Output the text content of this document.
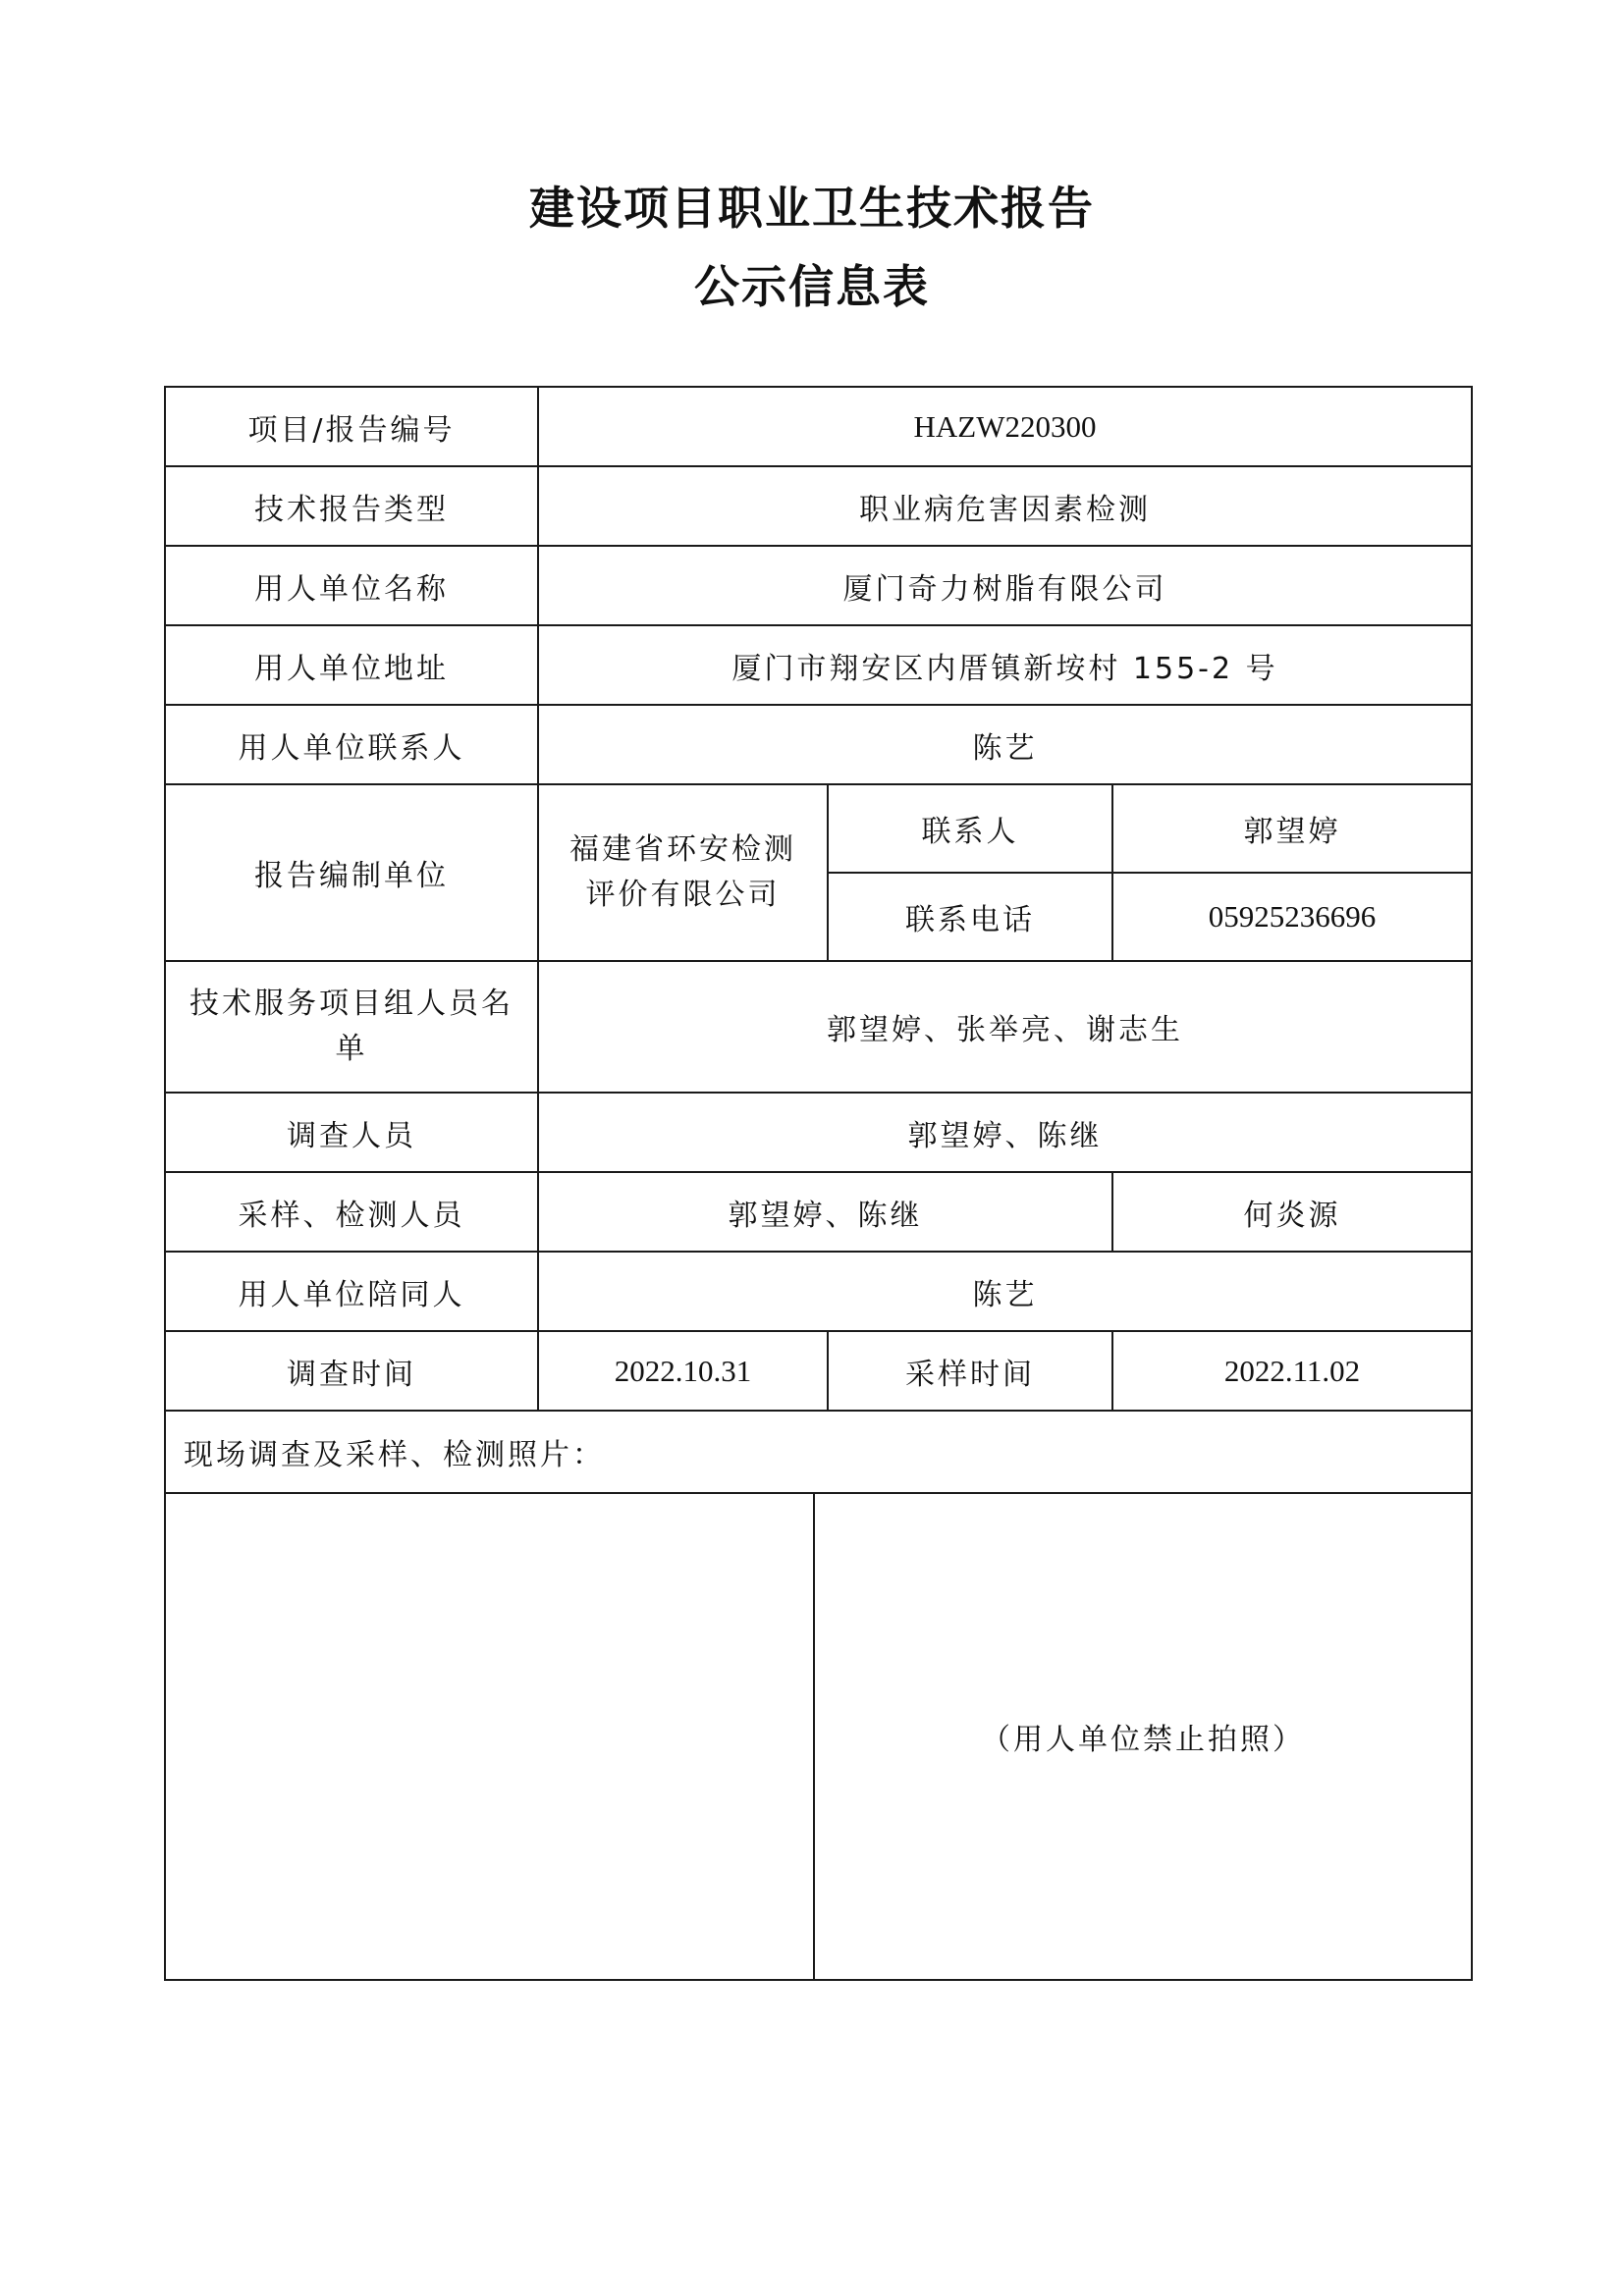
建设项目职业卫生技术报告
公示信息表
项目/报告编号	HAZW220300		
技术报告类型	职业病危害因素检测		
用人单位名称	厦门奇力树脂有限公司		
用人单位地址	厦门市翔安区内厝镇新垵村 155-2 号		
用人单位联系人	陈艺		
报告编制单位	福建省环安检测评价有限公司	联系人	郭望婷
		联系电话	05925236696
技术服务项目组人员名单	郭望婷、张举亮、谢志生		
调查人员	郭望婷、陈继		
采样、检测人员	郭望婷、陈继		何炎源
用人单位陪同人	陈艺		
调查时间	2022.10.31	采样时间	2022.11.02
现场调查及采样、检测照片：			

（用人单位禁止拍照）			
